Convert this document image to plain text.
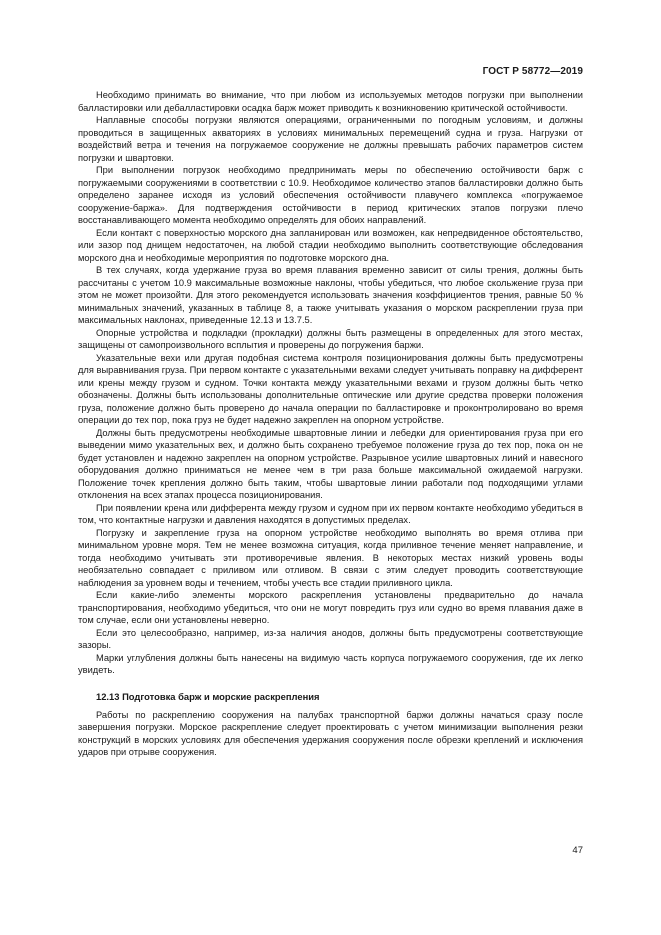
ГОСТ Р 58772—2019

Необходимо принимать во внимание, что при любом из используемых методов погрузки при выполнении балластировки или дебалластировки осадка барж может приводить к возникновению критической остойчивости.

Наплавные способы погрузки являются операциями, ограниченными по погодным условиям, и должны проводиться в защищенных акваториях в условиях минимальных перемещений судна и груза. Нагрузки от воздействий ветра и течения на погружаемое сооружение не должны превышать рабочих параметров систем погрузки и швартовки.

При выполнении погрузок необходимо предпринимать меры по обеспечению остойчивости барж с погружаемыми сооружениями в соответствии с 10.9. Необходимое количество этапов балластировки должно быть определено заранее исходя из условий обеспечения остойчивости плавучего комплекса «погружаемое сооружение-баржа». Для подтверждения остойчивости в период критических этапов погрузки плечо восстанавливающего момента необходимо определять для обоих направлений.

Если контакт с поверхностью морского дна запланирован или возможен, как непредвиденное обстоятельство, или зазор под днищем недостаточен, на любой стадии необходимо выполнить соответствующие обследования морского дна и необходимые мероприятия по подготовке морского дна.

В тех случаях, когда удержание груза во время плавания временно зависит от силы трения, должны быть рассчитаны с учетом 10.9 максимальные возможные наклоны, чтобы убедиться, что любое скольжение груза при этом не может произойти. Для этого рекомендуется использовать значения коэффициентов трения, равные 50 % минимальных значений, указанных в таблице 8, а также учитывать указания о морском раскреплении груза при максимальных наклонах, приведенные 12.13 и 13.7.5.

Опорные устройства и подкладки (прокладки) должны быть размещены в определенных для этого местах, защищены от самопроизвольного всплытия и проверены до погружения баржи.

Указательные вехи или другая подобная система контроля позиционирования должны быть предусмотрены для выравнивания груза. При первом контакте с указательными вехами следует учитывать поправку на дифферент или крены между грузом и судном. Точки контакта между указательными вехами и грузом должны быть четко обозначены. Должны быть использованы дополнительные оптические или другие средства проверки положения груза, положение должно быть проверено до начала операции по балластировке и проконтролировано во время операции до тех пор, пока груз не будет надежно закреплен на опорном устройстве.

Должны быть предусмотрены необходимые швартовные линии и лебедки для ориентирования груза при его выведении мимо указательных вех, и должно быть сохранено требуемое положение груза до тех пор, пока он не будет установлен и надежно закреплен на опорном устройстве. Разрывное усилие швартовных линий и навесного оборудования должно приниматься не менее чем в три раза больше максимальной ожидаемой нагрузки. Положение точек крепления должно быть таким, чтобы швартовые линии работали под подходящими углами отклонения на всех этапах процесса позиционирования.

При появлении крена или дифферента между грузом и судном при их первом контакте необходимо убедиться в том, что контактные нагрузки и давления находятся в допустимых пределах.

Погрузку и закрепление груза на опорном устройстве необходимо выполнять во время отлива при минимальном уровне моря. Тем не менее возможна ситуация, когда приливное течение меняет направление, и тогда необходимо учитывать эти противоречивые явления. В некоторых местах низкий уровень воды необязательно совпадает с приливом или отливом. В связи с этим следует проводить соответствующие наблюдения за уровнем воды и течением, чтобы учесть все стадии приливного цикла.

Если какие-либо элементы морского раскрепления установлены предварительно до начала транспортирования, необходимо убедиться, что они не могут повредить груз или судно во время плавания даже в том случае, если они установлены неверно.

Если это целесообразно, например, из-за наличия анодов, должны быть предусмотрены соответствующие зазоры.

Марки углубления должны быть нанесены на видимую часть корпуса погружаемого сооружения, где их легко увидеть.

12.13 Подготовка барж и морские раскрепления

Работы по раскреплению сооружения на палубах транспортной баржи должны начаться сразу после завершения погрузки. Морское раскрепление следует проектировать с учетом минимизации выполнения резки конструкций в морских условиях для обеспечения удержания сооружения после обрезки креплений и исключения ударов при отрыве сооружения.

47
